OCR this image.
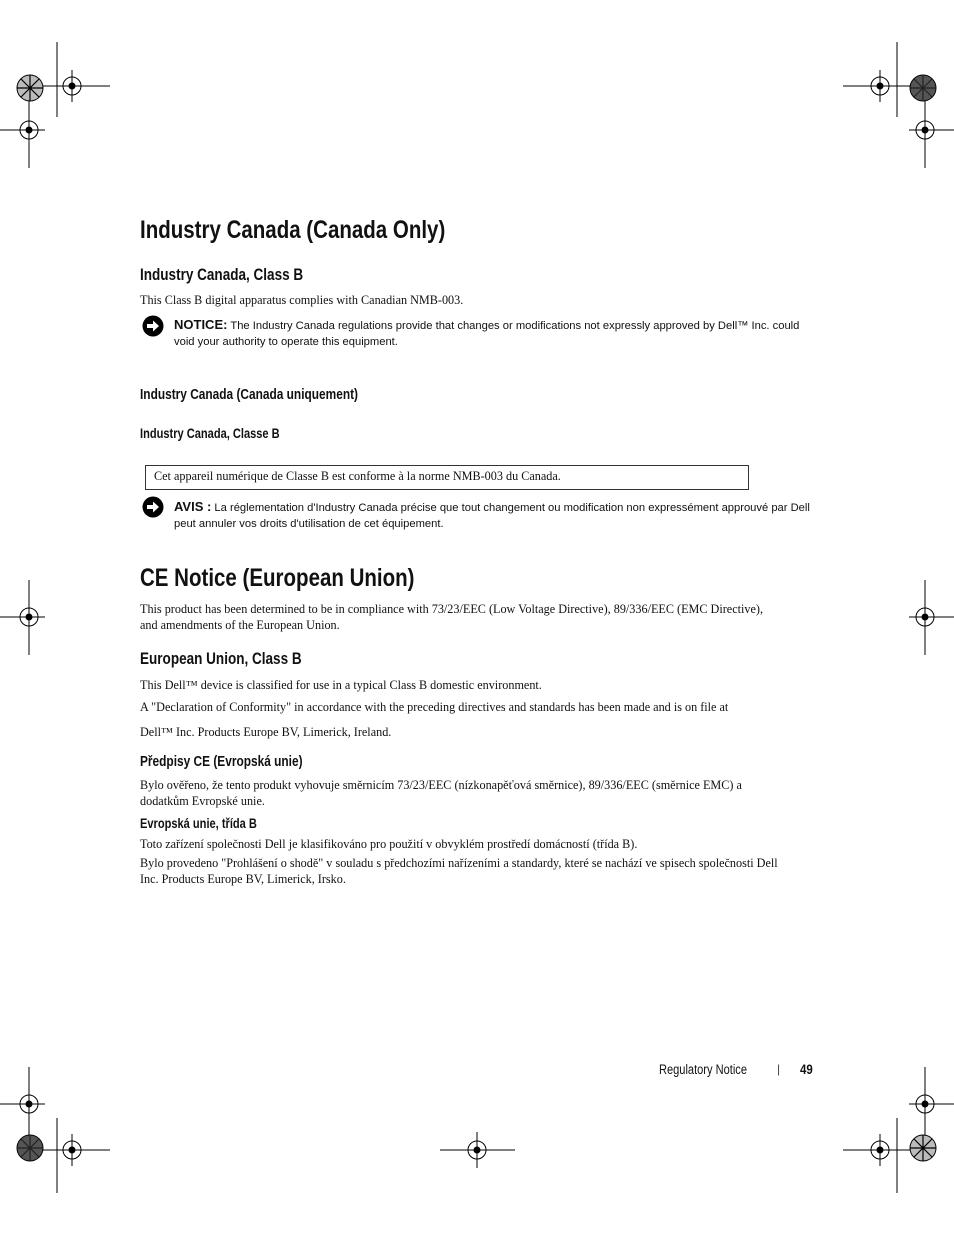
Industry Canada (Canada Only)
Industry Canada, Class B
This Class B digital apparatus complies with Canadian NMB-003.
NOTICE: The Industry Canada regulations provide that changes or modifications not expressly approved by Dell™ Inc. could
void your authority to operate this equipment.
Industry Canada (Canada uniquement)
Industry Canada, Classe B
Cet appareil numérique de Classe B est conforme à la norme NMB-003 du Canada.
AVIS : La réglementation d'Industry Canada précise que tout changement ou modification non expressément approuvé par Dell
peut annuler vos droits d'utilisation de cet équipement.
CE Notice (European Union)
This product has been determined to be in compliance with 73/23/EEC (Low Voltage Directive), 89/336/EEC (EMC Directive),
and amendments of the European Union.
European Union, Class B
This Dell™ device is classified for use in a typical Class B domestic environment.
A "Declaration of Conformity" in accordance with the preceding directives and standards has been made and is on file at
Dell™ Inc. Products Europe BV, Limerick, Ireland.
Předpisy CE (Evropská unie)
Bylo ověřeno, že tento produkt vyhovuje směrnicím 73/23/EEC (nízkonapěťová směrnice), 89/336/EEC (směrnice EMC) a
dodatkům Evropské unie.
Evropská unie, třída B
Toto zařízení společnosti Dell je klasifikováno pro použití v obvyklém prostředí domácností (třída B).
Bylo provedeno "Prohlášení o shodě" v souladu s předchozími nařízeními a standardy, které se nachází ve spisech společnosti Dell
Inc. Products Europe BV, Limerick, Irsko.
Regulatory Notice	| 49
